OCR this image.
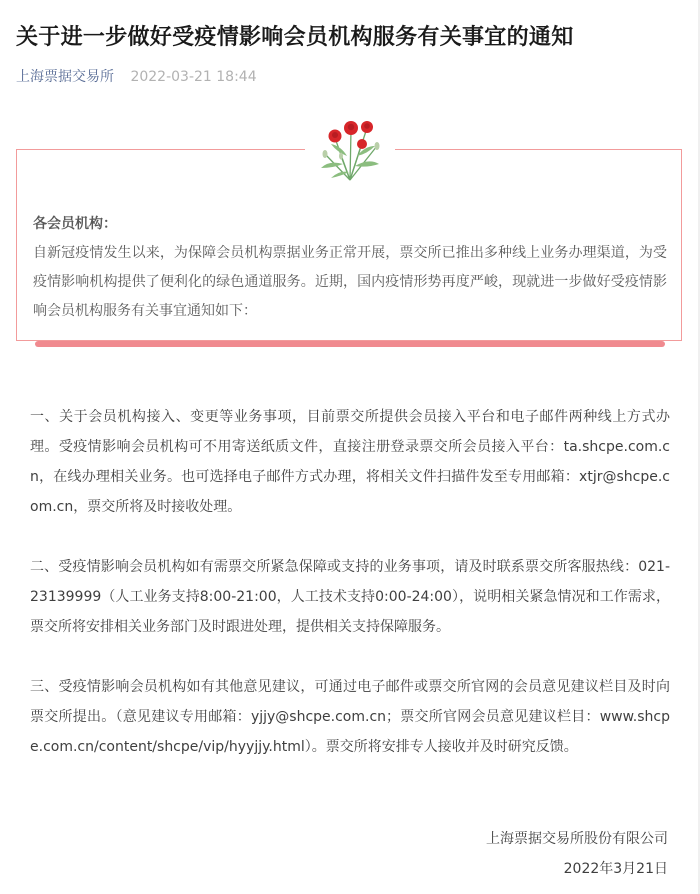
关于进一步做好受疫情影响会员机构服务有关事宜的通知
上海票据交易所 2022-03-21 18:44

各会员机构：

自新冠疫情发生以来，为保障会员机构票据业务正常开展，票交所已推出多种线上业务办理渠道，为受疫情影响机构提供了便利化的绿色通道服务。近期，国内疫情形势再度严峻，现就进一步做好受疫情影响会员机构服务有关事宜通知如下：

一、关于会员机构接入、变更等业务事项，目前票交所提供会员接入平台和电子邮件两种线上方式办理。受疫情影响会员机构可不用寄送纸质文件，直接注册登录票交所会员接入平台：ta.shcpe.com.cn，在线办理相关业务。也可选择电子邮件方式办理，将相关文件扫描件发至专用邮箱：xtjr@shcpe.com.cn，票交所将及时接收处理。

二、受疫情影响会员机构如有需票交所紧急保障或支持的业务事项，请及时联系票交所客服热线：021-23139999（人工业务支持8:00-21:00，人工技术支持0:00-24:00），说明相关紧急情况和工作需求，票交所将安排相关业务部门及时跟进处理，提供相关支持保障服务。

三、受疫情影响会员机构如有其他意见建议，可通过电子邮件或票交所官网的会员意见建议栏目及时向票交所提出。（意见建议专用邮箱：yjjy@shcpe.com.cn；票交所官网会员意见建议栏目：www.shcpe.com.cn/content/shcpe/vip/hyyjjy.html）。票交所将安排专人接收并及时研究反馈。

上海票据交易所股份有限公司
2022年3月21日
